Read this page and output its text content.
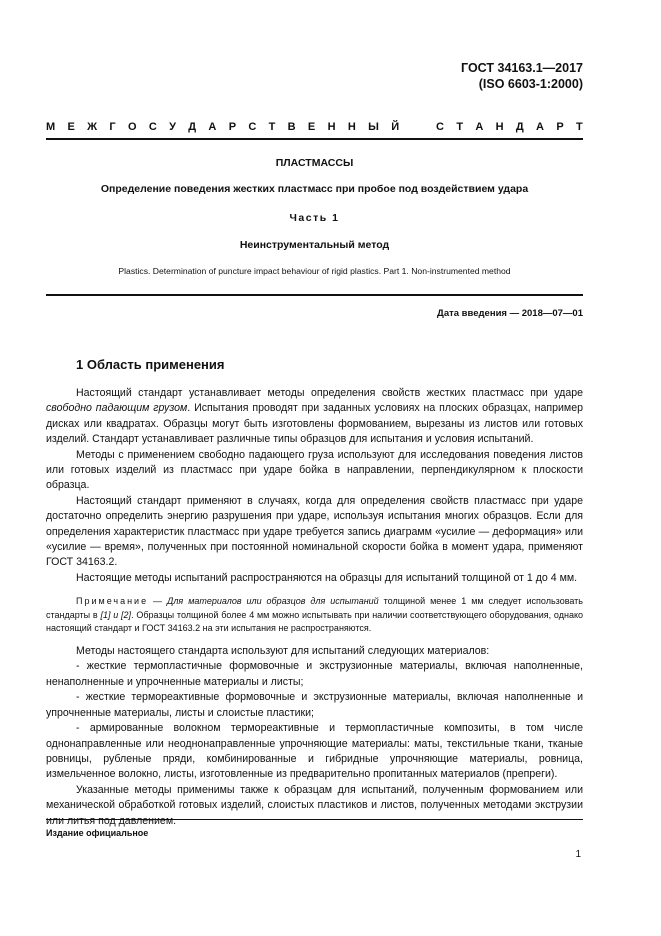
ГОСТ 34163.1—2017
(ISO 6603-1:2000)
М Е Ж Г О С У Д А Р С Т В Е Н Н Ы Й	С Т А Н Д А Р Т
ПЛАСТМАССЫ
Определение поведения жестких пластмасс при пробое под воздействием удара
Часть 1
Неинструментальный метод
Plastics. Determination of puncture impact behaviour of rigid plastics. Part 1. Non-instrumented method
Дата введения — 2018—07—01
1 Область применения

Настоящий стандарт устанавливает методы определения свойств жестких пластмасс при ударе свободно падающим грузом. Испытания проводят при заданных условиях на плоских образцах, например дисках или квадратах. Образцы могут быть изготовлены формованием, вырезаны из листов или готовых изделий. Стандарт устанавливает различные типы образцов для испытания и условия испытаний.

Методы с применением свободно падающего груза используют для исследования поведения листов или готовых изделий из пластмасс при ударе бойка в направлении, перпендикулярном к плоскости образца.

Настоящий стандарт применяют в случаях, когда для определения свойств пластмасс при ударе достаточно определить энергию разрушения при ударе, используя испытания многих образцов. Если для определения характеристик пластмасс при ударе требуется запись диаграмм «усилие — деформация» или «усилие — время», полученных при постоянной номинальной скорости бойка в момент удара, применяют ГОСТ 34163.2.

Настоящие методы испытаний распространяются на образцы для испытаний толщиной от 1 до 4 мм.

Примечание — Для материалов или образцов для испытаний толщиной менее 1 мм следует использовать стандарты в [1] и [2]. Образцы толщиной более 4 мм можно испытывать при наличии соответствующего оборудования, однако настоящий стандарт и ГОСТ 34163.2 на эти испытания не распространяются.

Методы настоящего стандарта используют для испытаний следующих материалов:

- жесткие термопластичные формовочные и экструзионные материалы, включая наполненные, ненаполненные и упрочненные материалы и листы;

- жесткие термореактивные формовочные и экструзионные материалы, включая наполненные и упрочненные материалы, листы и слоистые пластики;

- армированные волокном термореактивные и термопластичные композиты, в том числе однонаправленные или неоднонаправленные упрочняющие материалы: маты, текстильные ткани, тканые ровницы, рубленые пряди, комбинированные и гибридные упрочняющие материалы, ровница, измельченное волокно, листы, изготовленные из предварительно пропитанных материалов (препреги).

Указанные методы применимы также к образцам для испытаний, полученным формованием или механической обработкой готовых изделий, слоистых пластиков и листов, полученных методами экструзии или литья под давлением.

Издание официальное
1
